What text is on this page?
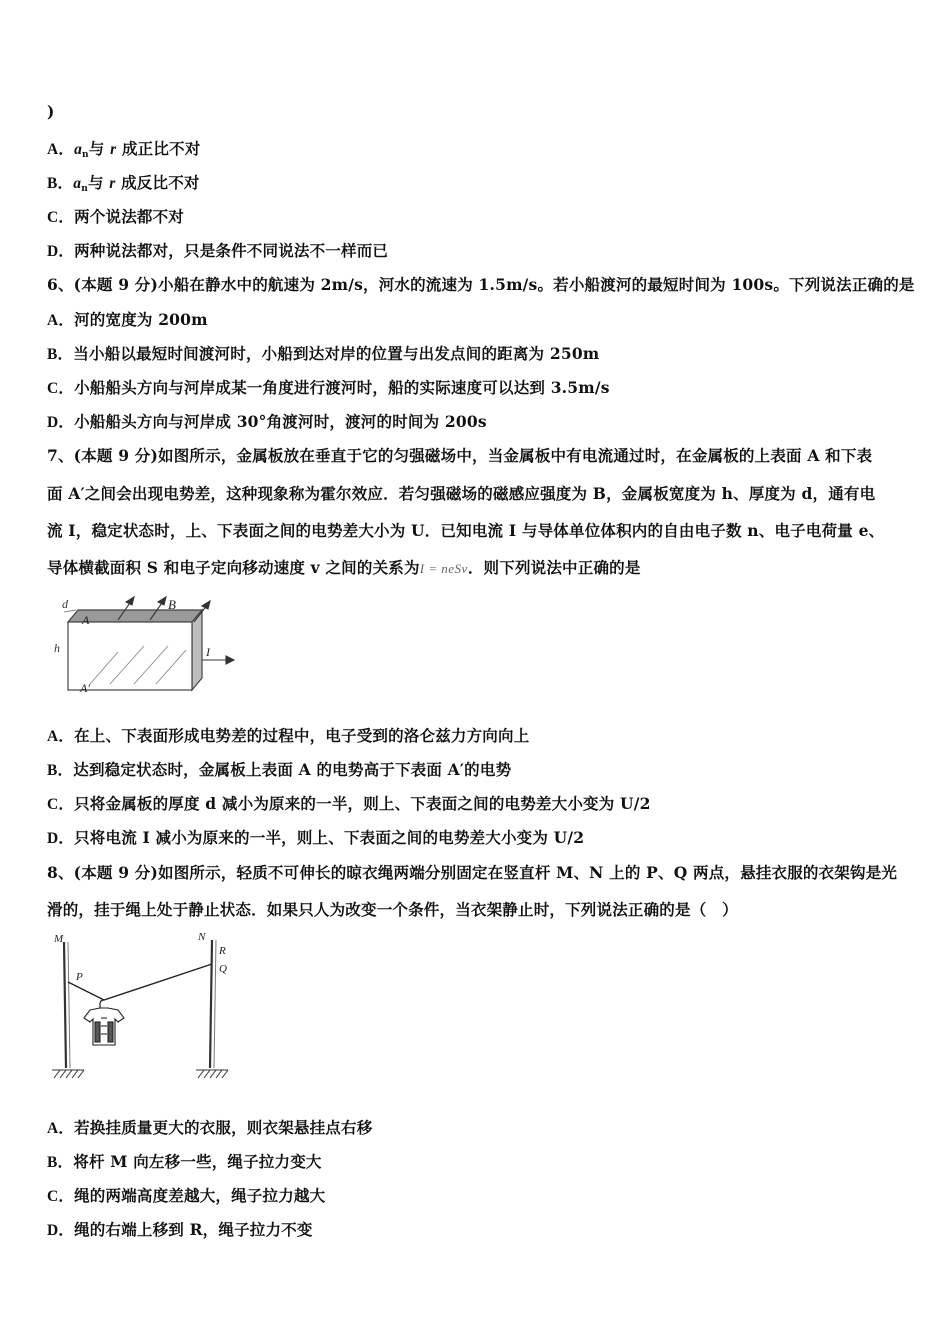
)
A．$a_n$与 r 成正比不对
B．$a_n$与 r 成反比不对
C．两个说法都不对
D．两种说法都对，只是条件不同说法不一样而已
6、(本题 9 分)小船在静水中的航速为 2m/s，河水的流速为 1.5m/s。若小船渡河的最短时间为 100s。下列说法正确的是
A．河的宽度为 200m
B．当小船以最短时间渡河时，小船到达对岸的位置与出发点间的距离为 250m
C．小船船头方向与河岸成某一角度进行渡河时，船的实际速度可以达到 3.5m/s
D．小船船头方向与河岸成 30°角渡河时，渡河的时间为 200s
7、(本题 9 分)如图所示，金属板放在垂直于它的匀强磁场中，当金属板中有电流通过时，在金属板的上表面 A 和下表
面 A′之间会出现电势差，这种现象称为霍尔效应．若匀强磁场的磁感应强度为 B，金属板宽度为 h、厚度为 d，通有电
流 I，稳定状态时，上、下表面之间的电势差大小为 U．已知电流 I 与导体单位体积内的自由电子数 n、电子电荷量 e、
导体横截面积 S 和电子定向移动速度 v 之间的关系为I = neSv．则下列说法中正确的是
d
A
B
h	I
A′
A．在上、下表面形成电势差的过程中，电子受到的洛仑兹力方向向上
B．达到稳定状态时，金属板上表面 A 的电势高于下表面 A′的电势
C．只将金属板的厚度 d 减小为原来的一半，则上、下表面之间的电势差大小变为 U/2
D．只将电流 I 减小为原来的一半，则上、下表面之间的电势差大小变为 U/2
8、(本题 9 分)如图所示，轻质不可伸长的晾衣绳两端分别固定在竖直杆 M、N 上的 P、Q 两点，悬挂衣服的衣架钩是光
滑的，挂于绳上处于静止状态．如果只人为改变一个条件，当衣架静止时，下列说法正确的是（　）
M	N
P
R
Q
A．若换挂质量更大的衣服，则衣架悬挂点右移
B．将杆 M 向左移一些，绳子拉力变大
C．绳的两端高度差越大，绳子拉力越大
D．绳的右端上移到 R，绳子拉力不变
